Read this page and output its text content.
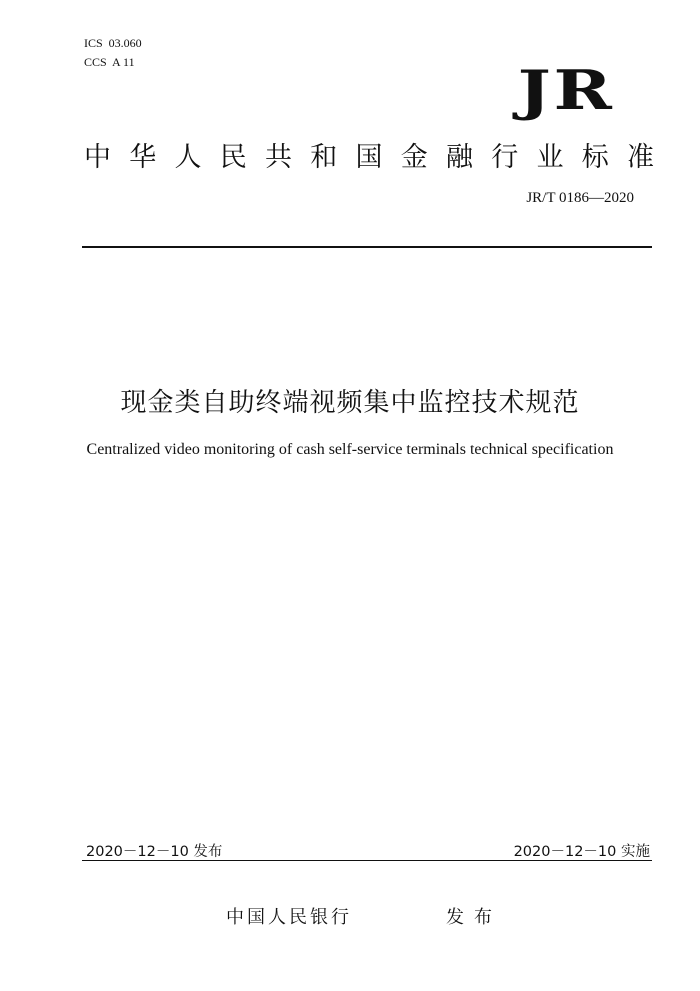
ICS  03.060
CCS  A 11	JR
中 华 人 民 共 和 国 金 融 行 业 标 准
JR/T 0186—2020
现金类自助终端视频集中监控技术规范
Centralized video monitoring of cash self-service terminals technical specification
2020－12－10 发布	2020－12－10 实施
中国人民银行	发布
